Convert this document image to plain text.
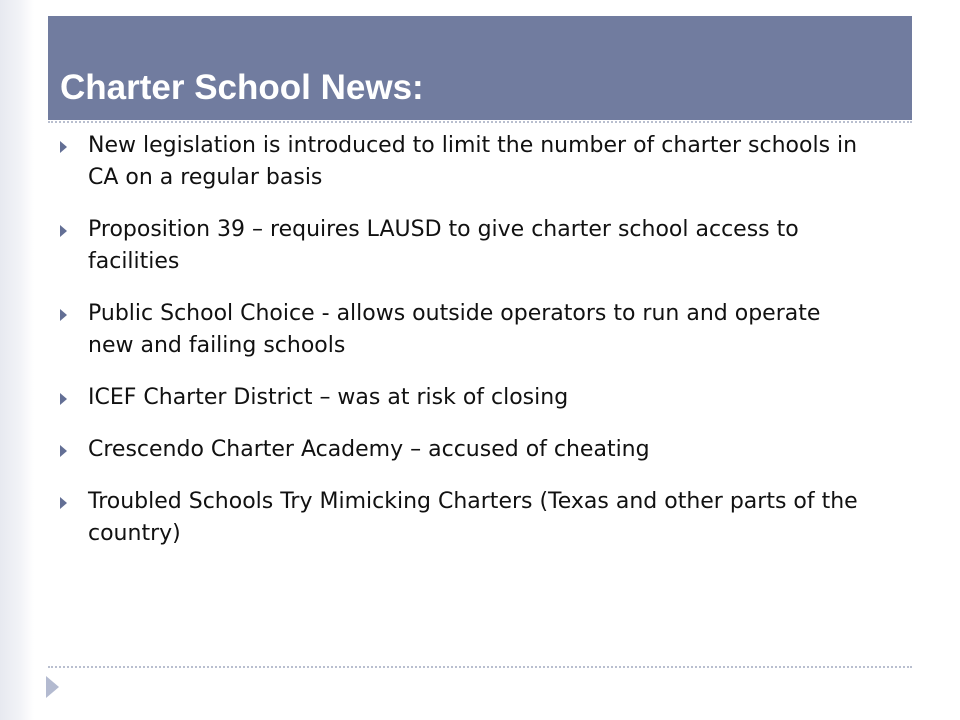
Charter School News:
New legislation is introduced to limit the number of charter schools in CA on a regular basis
Proposition 39 – requires LAUSD to give charter school access to facilities
Public School Choice - allows outside operators to run and operate new and failing schools
ICEF Charter District – was at risk of closing
Crescendo Charter Academy – accused of cheating
Troubled Schools Try Mimicking Charters (Texas and other parts of the country)
